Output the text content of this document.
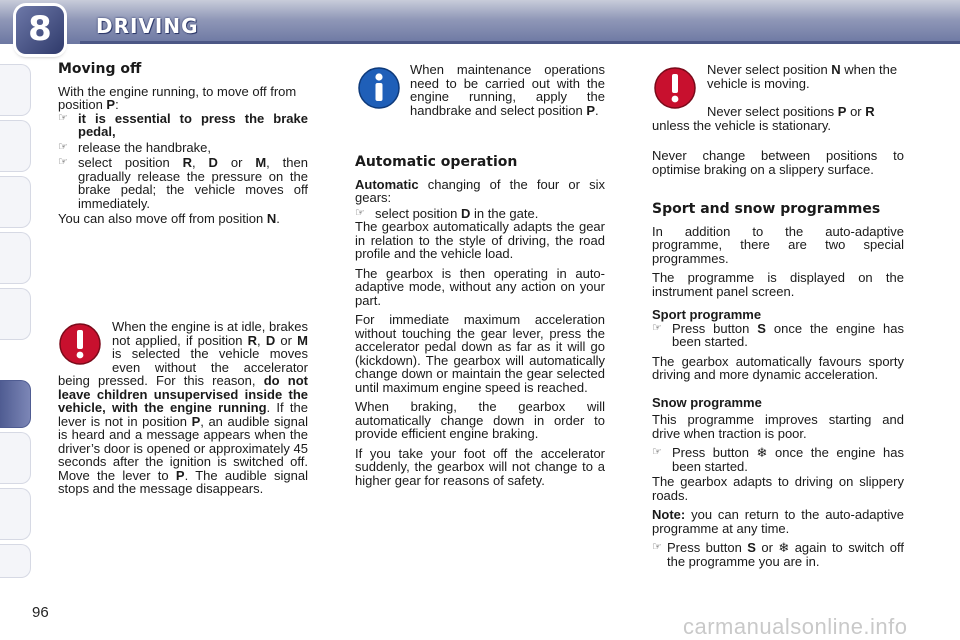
8	DRIVING
Moving off

With the engine running, to move off from position P:

☞ it is essential to press the brake pedal,
☞ release the handbrake,
☞ select position R, D or M, then gradually release the pressure on the brake pedal; the vehicle moves off immediately.

You can also move off from position N.

When the engine is at idle, brakes not applied, if position R, D or M is selected the vehicle moves even without the accelerator being pressed. For this reason, do not leave children unsupervised inside the vehicle, with the engine running. If the lever is not in position P, an audible signal is heard and a message appears when the driver’s door is opened or approximately 45 seconds after the ignition is switched off. Move the lever to P. The audible signal stops and the message disappears.

When maintenance operations need to be carried out with the engine running, apply the handbrake and select position P.

Automatic operation

Automatic changing of the four or six gears:

☞ select position D in the gate.

The gearbox automatically adapts the gear in relation to the style of driving, the road profile and the vehicle load.

The gearbox is then operating in auto-adaptive mode, without any action on your part.

For immediate maximum acceleration without touching the gear lever, press the accelerator pedal down as far as it will go (kickdown). The gearbox will automatically change down or maintain the gear selected until maximum engine speed is reached.

When braking, the gearbox will automatically change down in order to provide efficient engine braking.

If you take your foot off the accelerator suddenly, the gearbox will not change to a higher gear for reasons of safety.

Never select position N when the vehicle is moving.

Never select positions P or R unless the vehicle is stationary.

Never change between positions to optimise braking on a slippery surface.

Sport and snow programmes

In addition to the auto-adaptive programme, there are two special programmes.

The programme is displayed on the instrument panel screen.

Sport programme

☞ Press button S once the engine has been started.

The gearbox automatically favours sporty driving and more dynamic acceleration.

Snow programme

This programme improves starting and drive when traction is poor.

☞ Press button ❄ once the engine has been started.

The gearbox adapts to driving on slippery roads.

Note: you can return to the auto-adaptive programme at any time.

☞ Press button S or ❄ again to switch off the programme you are in.
96
carmanualsonline.info
